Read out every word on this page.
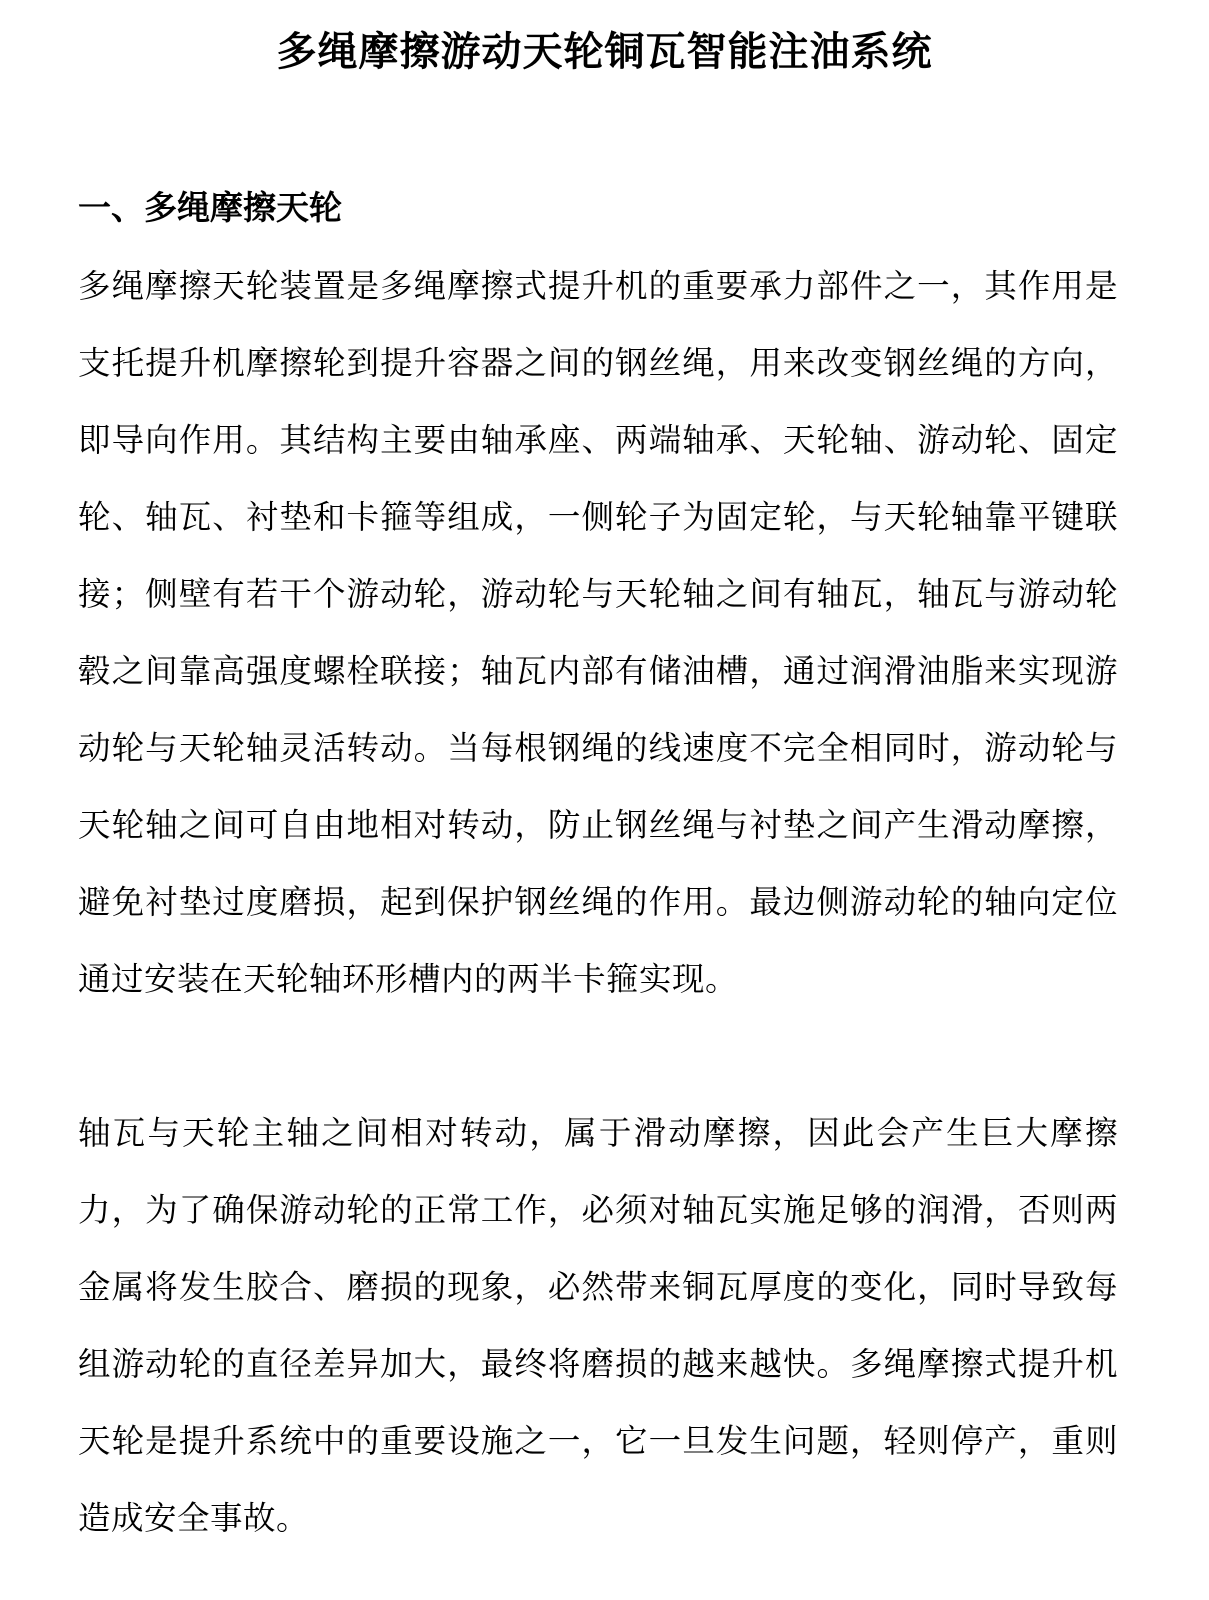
多绳摩擦游动天轮铜瓦智能注油系统
一、多绳摩擦天轮

多绳摩擦天轮装置是多绳摩擦式提升机的重要承力部件之一，其作用是支托提升机摩擦轮到提升容器之间的钢丝绳，用来改变钢丝绳的方向，即导向作用。其结构主要由轴承座、两端轴承、天轮轴、游动轮、固定轮、轴瓦、衬垫和卡箍等组成，一侧轮子为固定轮，与天轮轴靠平键联接；侧壁有若干个游动轮，游动轮与天轮轴之间有轴瓦，轴瓦与游动轮毂之间靠高强度螺栓联接；轴瓦内部有储油槽，通过润滑油脂来实现游动轮与天轮轴灵活转动。当每根钢绳的线速度不完全相同时，游动轮与天轮轴之间可自由地相对转动，防止钢丝绳与衬垫之间产生滑动摩擦，避免衬垫过度磨损，起到保护钢丝绳的作用。最边侧游动轮的轴向定位通过安装在天轮轴环形槽内的两半卡箍实现。

轴瓦与天轮主轴之间相对转动，属于滑动摩擦，因此会产生巨大摩擦力，为了确保游动轮的正常工作，必须对轴瓦实施足够的润滑，否则两金属将发生胶合、磨损的现象，必然带来铜瓦厚度的变化，同时导致每组游动轮的直径差异加大，最终将磨损的越来越快。多绳摩擦式提升机天轮是提升系统中的重要设施之一，它一旦发生问题，轻则停产，重则造成安全事故。
